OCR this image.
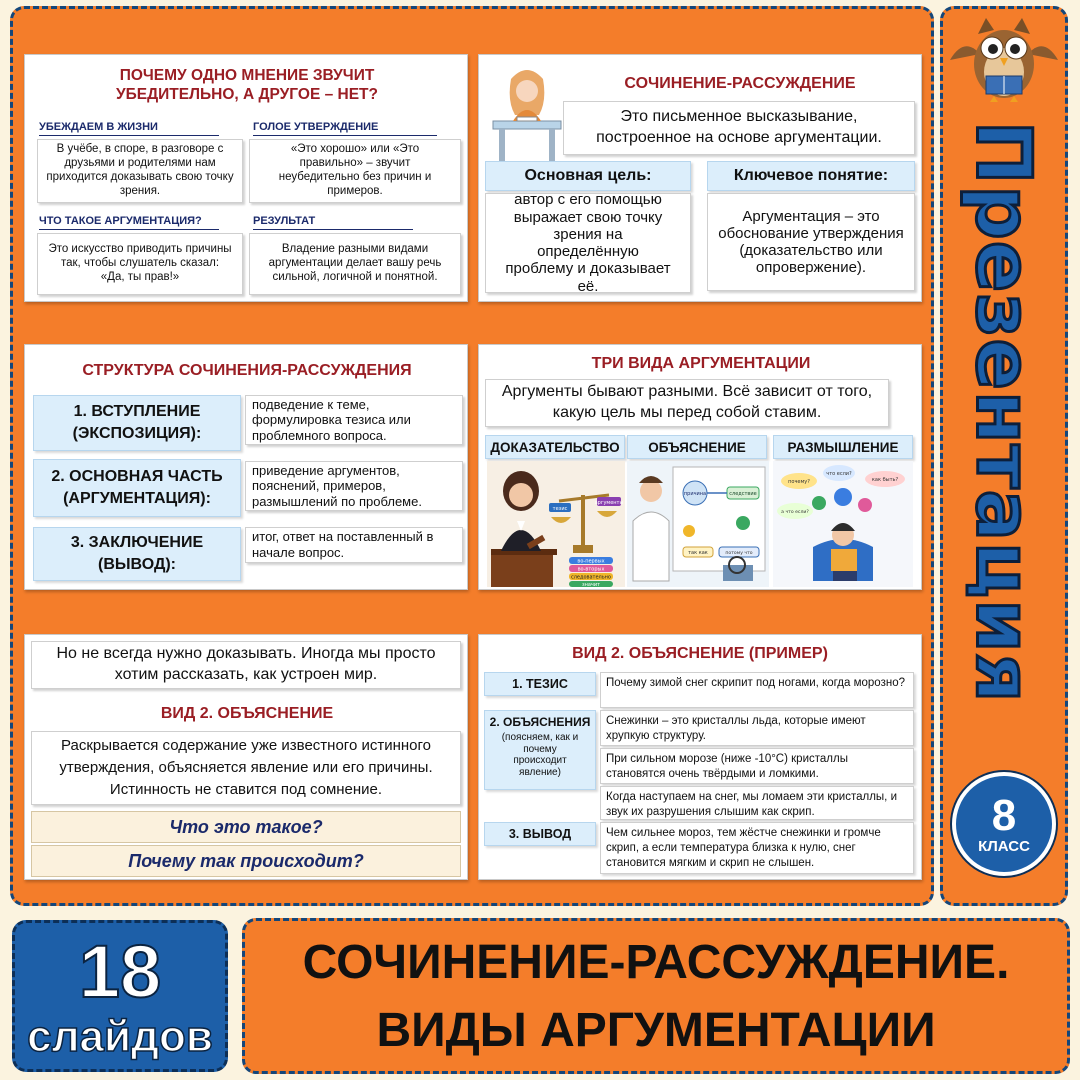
ПОЧЕМУ ОДНО МНЕНИЕ ЗВУЧИТ УБЕДИТЕЛЬНО, А ДРУГОЕ – НЕТ?
УБЕЖДАЕМ В ЖИЗНИ
В учёбе, в споре, в разговоре с друзьями и родителями нам приходится доказывать свою точку зрения.
ГОЛОЕ УТВЕРЖДЕНИЕ
«Это хорошо» или «Это правильно» – звучит неубедительно без причин и примеров.
ЧТО ТАКОЕ АРГУМЕНТАЦИЯ?
Это искусство приводить причины так, чтобы слушатель сказал: «Да, ты прав!»
РЕЗУЛЬТАТ
Владение разными видами аргументации делает вашу речь сильной, логичной и понятной.
СОЧИНЕНИЕ-РАССУЖДЕНИЕ
Это письменное высказывание, построенное на основе аргументации.
Основная цель:	Ключевое понятие:
автор с его помощью выражает свою точку зрения на определённую проблему и доказывает её.
Аргументация – это обоснование утверждения (доказательство или опровержение).
СТРУКТУРА СОЧИНЕНИЯ-РАССУЖДЕНИЯ
1. ВСТУПЛЕНИЕ (ЭКСПОЗИЦИЯ):
подведение к теме, формулировка тезиса или проблемного вопроса.
2. ОСНОВНАЯ ЧАСТЬ (АРГУМЕНТАЦИЯ):
приведение аргументов, пояснений, примеров, размышлений по проблеме.
3. ЗАКЛЮЧЕНИЕ (ВЫВОД):
итог, ответ на поставленный в начале вопрос.
ТРИ ВИДА АРГУМЕНТАЦИИ
Аргументы бывают разными. Всё зависит от того, какую цель мы перед собой ставим.
ДОКАЗАТЕЛЬСТВО	ОБЪЯСНЕНИЕ	РАЗМЫШЛЕНИЕ
тезис
аргументы
во-первых
во-вторых
следовательно
значит
причина	следствие
так как	потому что
почему?
что если?
как быть?
а что если?
Но не всегда нужно доказывать. Иногда мы просто хотим рассказать, как устроен мир.
ВИД 2. ОБЪЯСНЕНИЕ
Раскрывается содержание уже известного истинного утверждения, объясняется явление или его причины. Истинность не ставится под сомнение.
Что это такое?
Почему так происходит?
ВИД 2. ОБЪЯСНЕНИЕ (ПРИМЕР)
1. ТЕЗИС	Почему зимой снег скрипит под ногами, когда морозно?
2. ОБЪЯСНЕНИЯ
(поясняем, как и почему происходит явление)
Снежинки – это кристаллы льда, которые имеют хрупкую структуру.
При сильном морозе (ниже -10°C) кристаллы становятся очень твёрдыми и ломкими.
Когда наступаем на снег, мы ломаем эти кристаллы, и звук их разрушения слышим как скрип.
3. ВЫВОД	Чем сильнее мороз, тем жёстче снежинки и громче скрип, а если температура близка к нулю, снег становится мягким и скрип не слышен.
Презентация
8
КЛАСС
18
слайдов
СОЧИНЕНИЕ-РАССУЖДЕНИЕ.
ВИДЫ АРГУМЕНТАЦИИ
